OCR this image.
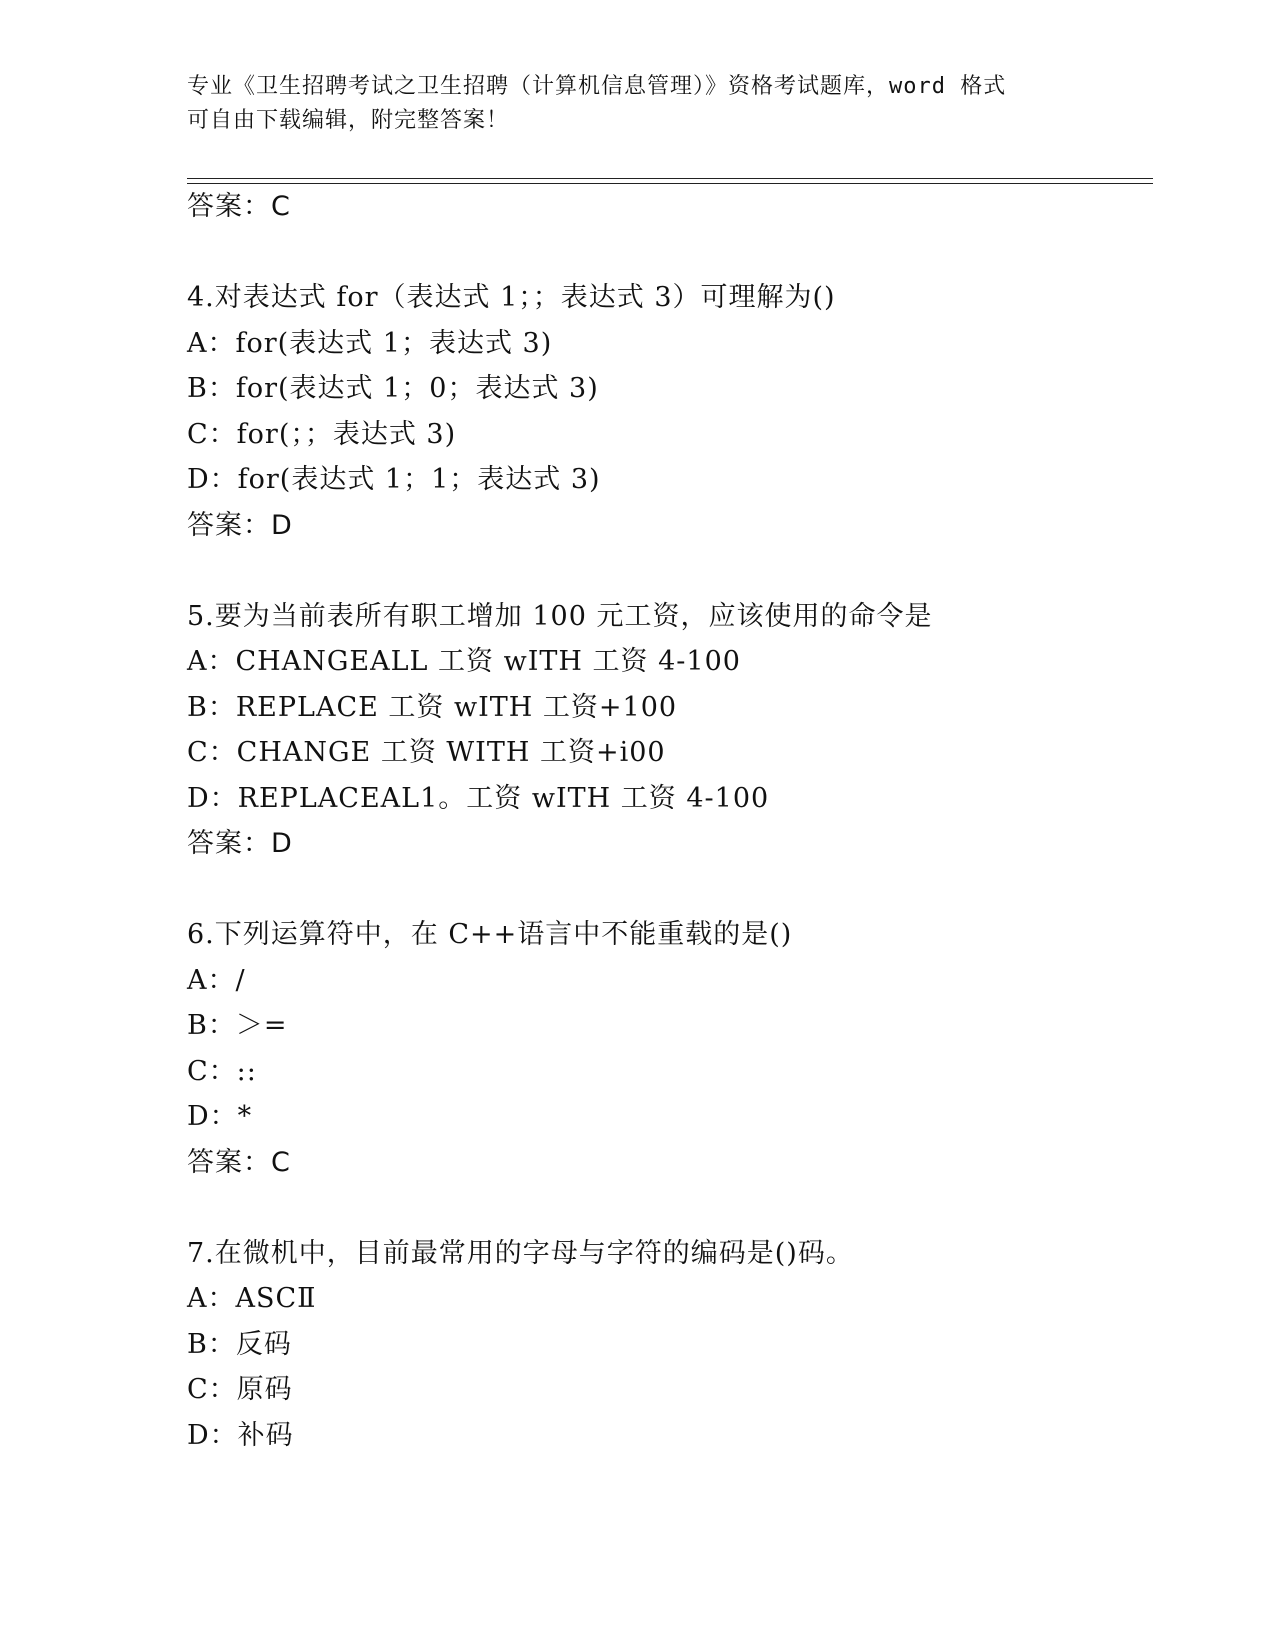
专业《卫生招聘考试之卫生招聘（计算机信息管理）》资格考试题库，word 格式
可自由下载编辑，附完整答案！
答案：C
4.对表达式 for（表达式 1；；表达式 3）可理解为()
A：for(表达式 1；表达式 3)
B：for(表达式 1；0；表达式 3)
C：for(；；表达式 3)
D：for(表达式 1；1；表达式 3)
答案：D
5.要为当前表所有职工增加 100 元工资，应该使用的命令是
A：CHANGEALL 工资 wITH 工资 4-100
B：REPLACE 工资 wITH 工资+100
C：CHANGE 工资 WITH 工资+i00
D：REPLACEAL1。工资 wITH 工资 4-100
答案：D
6.下列运算符中，在 C++语言中不能重载的是()
A：/
B：＞=
C：::
D：*
答案：C
7.在微机中，目前最常用的字母与字符的编码是()码。
A：ASCⅡ
B：反码
C：原码
D：补码
